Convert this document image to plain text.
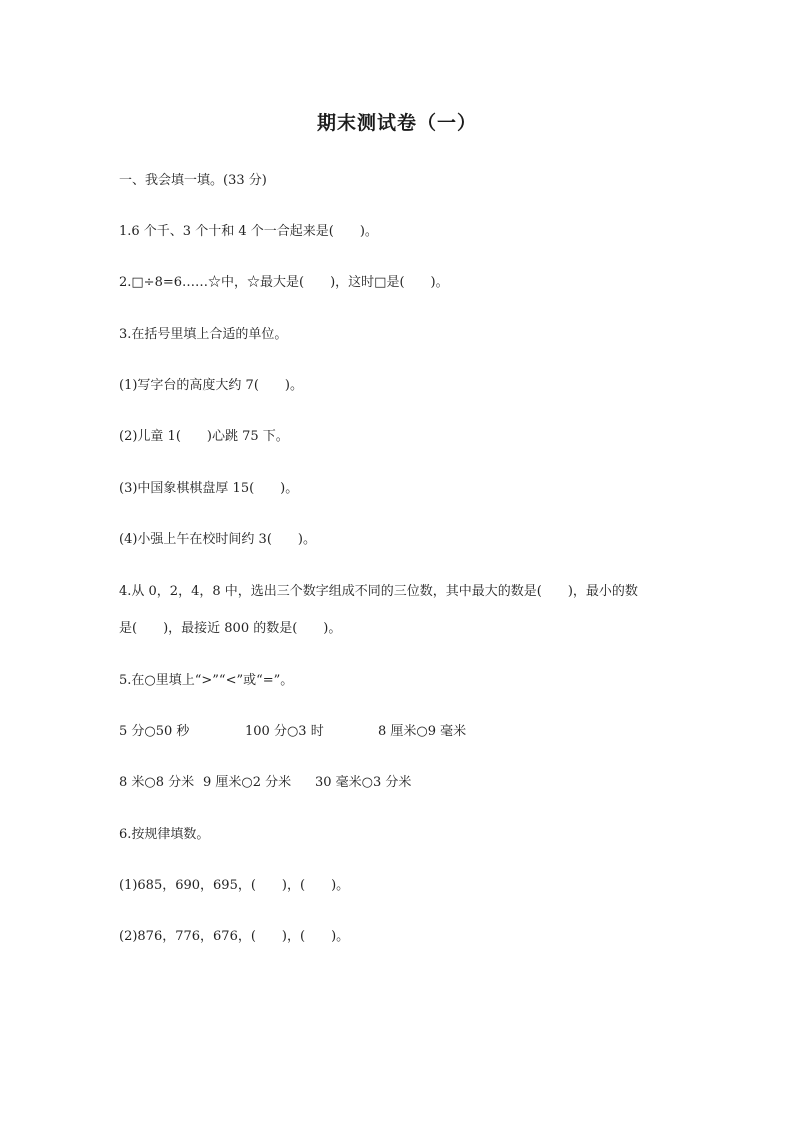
期末测试卷（一）
一、我会填一填。(33 分)
1.6 个千、3 个十和 4 个一合起来是(　　)。
2.□÷8=6……☆中，☆最大是(　　)，这时□是(　　)。
3.在括号里填上合适的单位。
(1)写字台的高度大约 7(　　)。
(2)儿童 1(　　)心跳 75 下。
(3)中国象棋棋盘厚 15(　　)。
(4)小强上午在校时间约 3(　　)。
4.从 0，2，4，8 中，选出三个数字组成不同的三位数，其中最大的数是(　　)，最小的数
是(　　)，最接近 800 的数是(　　)。
5.在○里填上“>”“<”或“=”。
5 分○50 秒	100 分○3 时	8 厘米○9 毫米
8 米○8 分米 9 厘米○2 分米 30 毫米○3 分米
6.按规律填数。
(1)685，690，695，(　　)，(　　)。
(2)876，776，676，(　　)，(　　)。
